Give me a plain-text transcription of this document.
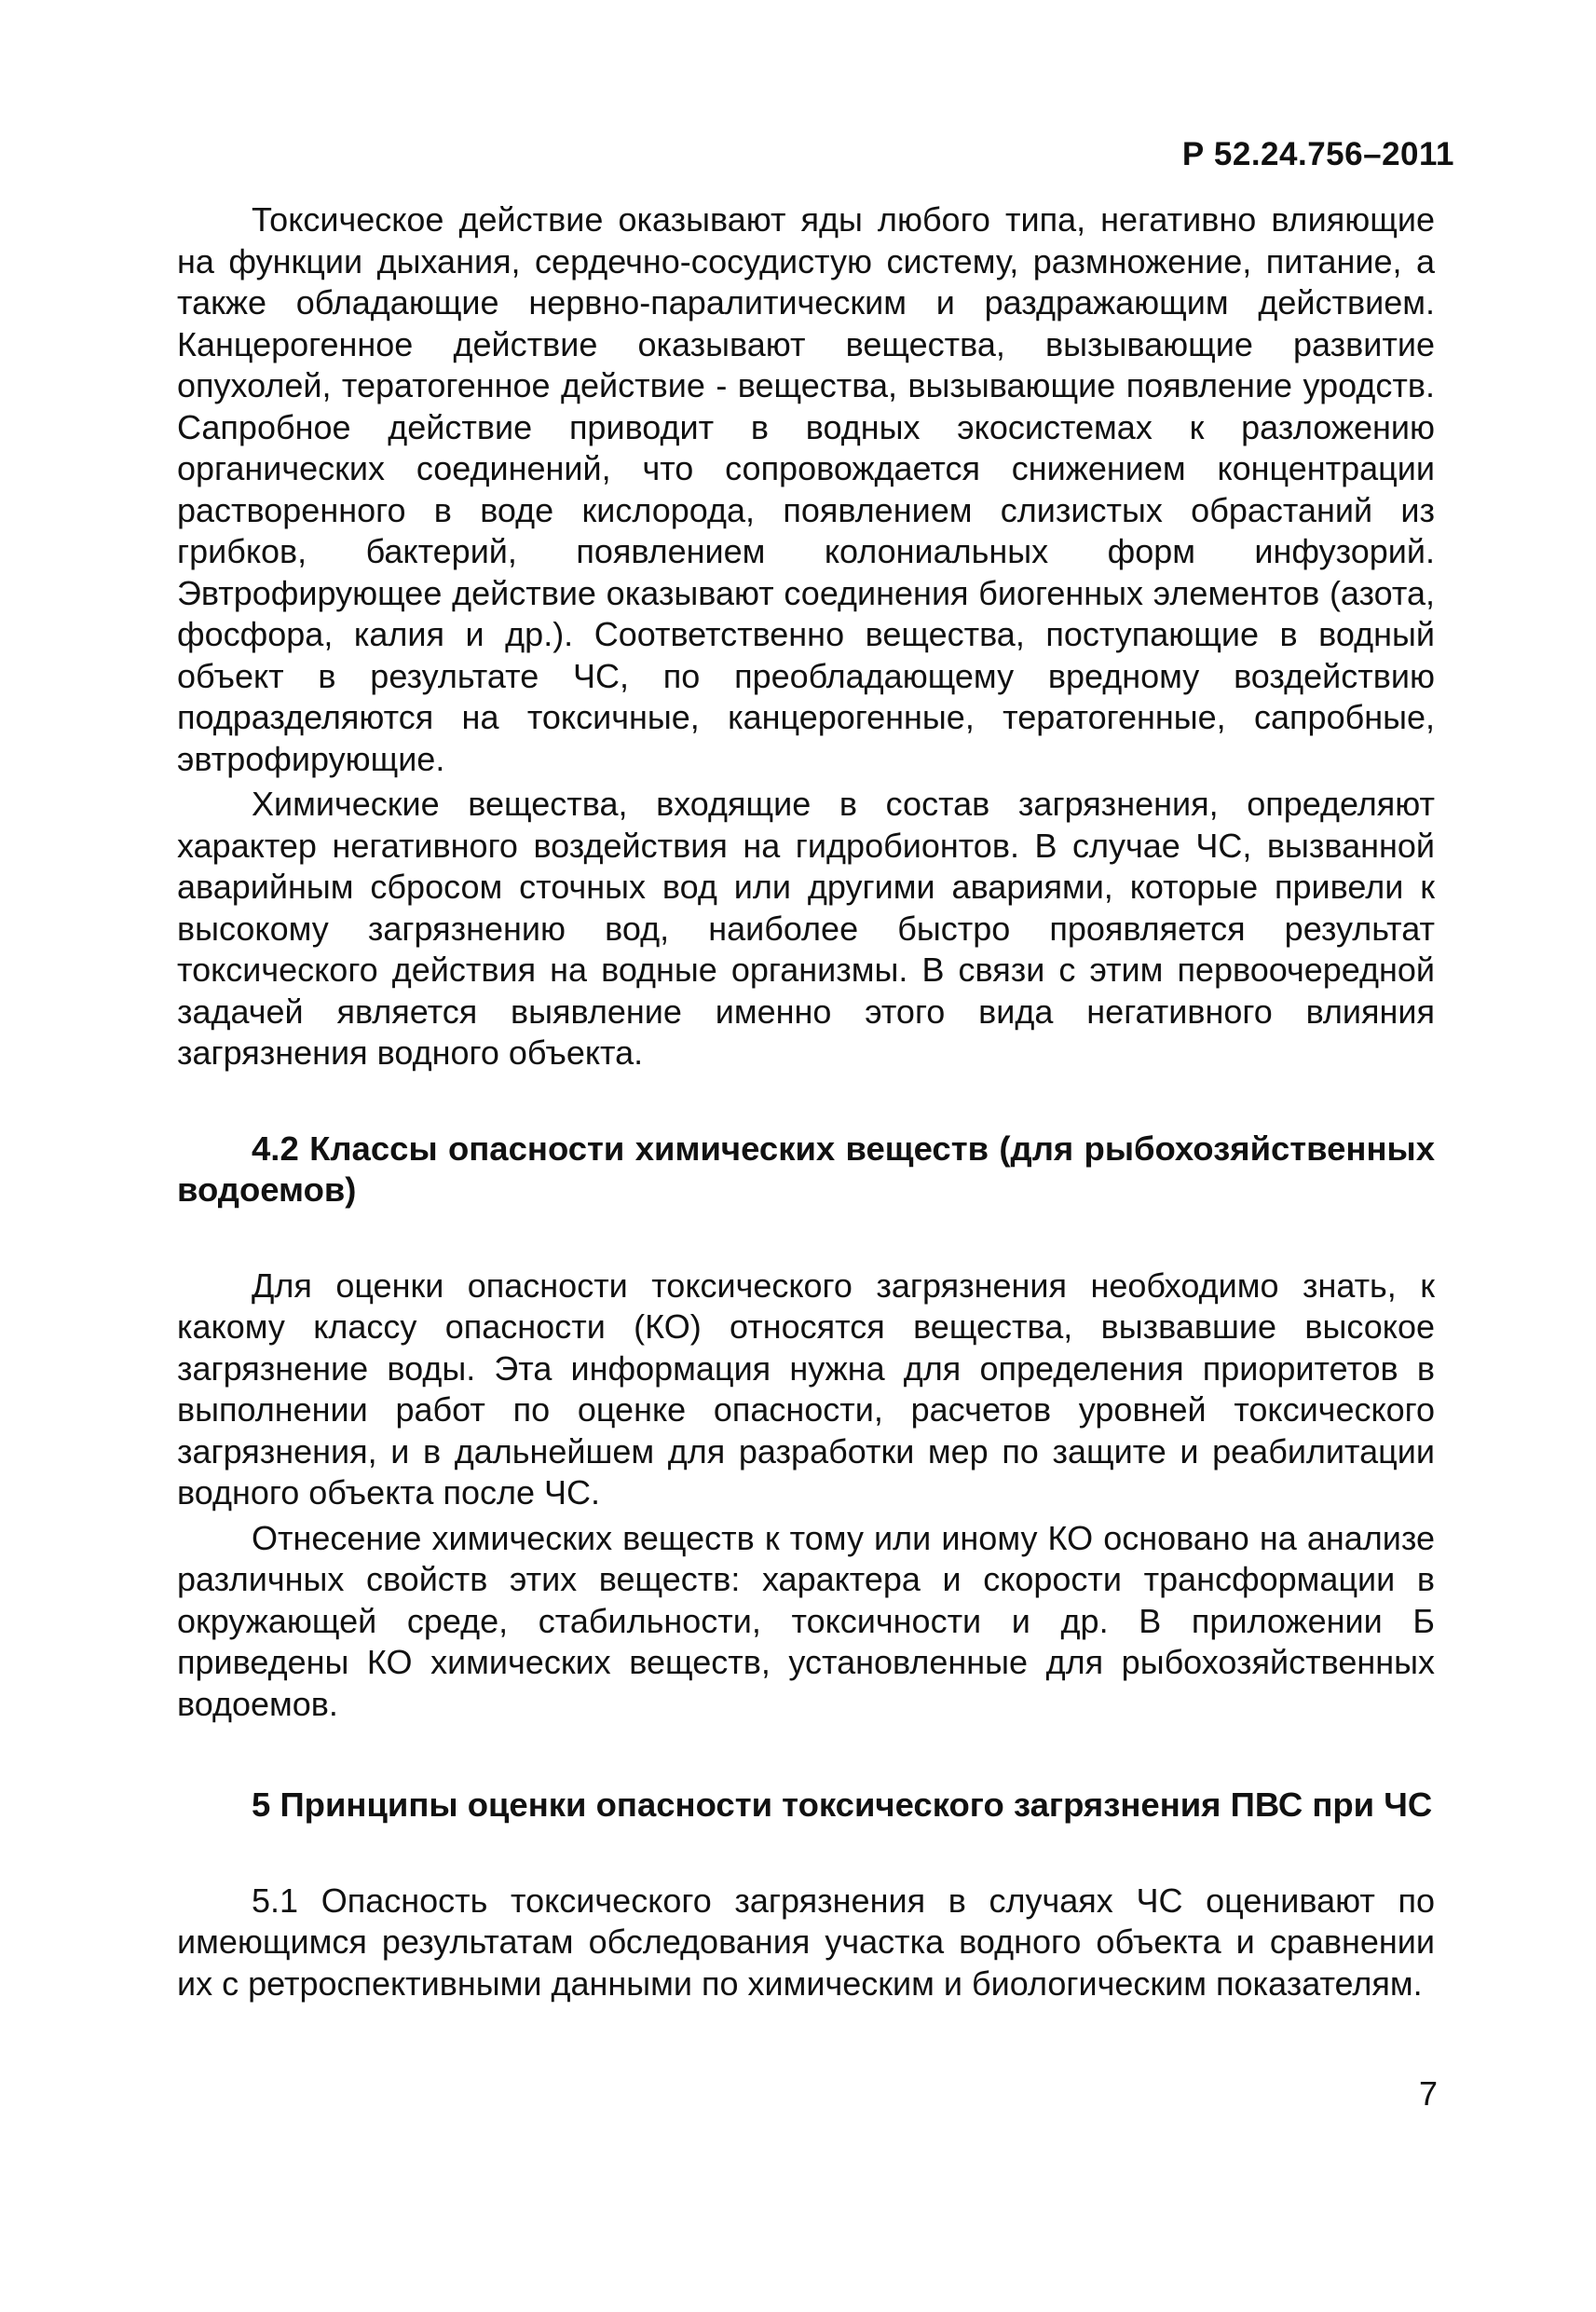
Р 52.24.756–2011

Токсическое действие оказывают яды любого типа, негативно влияющие на функции дыхания, сердечно-сосудистую систему, размножение, питание, а также обладающие нервно-паралитическим и раздражающим действием. Канцерогенное действие оказывают вещества, вызывающие развитие опухолей, тератогенное действие - вещества, вызывающие появление уродств. Сапробное действие приводит в водных экосистемах к разложению органических соединений, что сопровождается снижением концентрации растворенного в воде кислорода, появлением слизистых обрастаний из грибков, бактерий, появлением колониальных форм инфузорий. Эвтрофирующее действие оказывают соединения биогенных элементов (азота, фосфора, калия и др.). Соответственно вещества, поступающие в водный объект в результате ЧС, по преобладающему вредному воздействию подразделяются на токсичные, канцерогенные, тератогенные, сапробные, эвтрофирующие.

Химические вещества, входящие в состав загрязнения, определяют характер негативного воздействия на гидробионтов. В случае ЧС, вызванной аварийным сбросом сточных вод или другими авариями, которые привели к высокому загрязнению вод, наиболее быстро проявляется результат токсического действия на водные организмы. В связи с этим первоочередной задачей является выявление именно этого вида негативного влияния загрязнения водного объекта.

4.2 Классы опасности химических веществ (для рыбохозяйственных водоемов)

Для оценки опасности токсического загрязнения необходимо знать, к какому классу опасности (КО) относятся вещества, вызвавшие высокое загрязнение воды. Эта информация нужна для определения приоритетов в выполнении работ по оценке опасности, расчетов уровней токсического загрязнения, и в дальнейшем для разработки мер по защите и реабилитации водного объекта после ЧС.

Отнесение химических веществ к тому или иному КО основано на анализе различных свойств этих веществ: характера и скорости трансформации в окружающей среде, стабильности, токсичности и др. В приложении Б приведены КО химических веществ, установленные для рыбохозяйственных водоемов.

5 Принципы оценки опасности токсического загрязнения ПВС при ЧС

5.1 Опасность токсического загрязнения в случаях ЧС оценивают по имеющимся результатам обследования участка водного объекта и сравнении их с ретроспективными данными по химическим и биологическим показателям.

7
